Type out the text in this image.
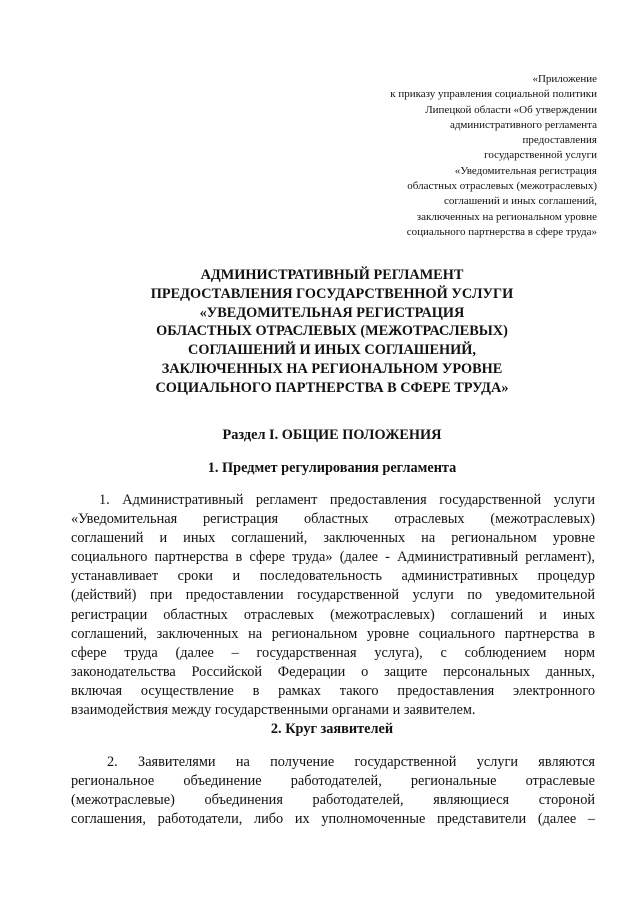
«Приложение
к приказу управления социальной политики
Липецкой области «Об утверждении
административного регламента
предоставления
государственной услуги
«Уведомительная регистрация
областных отраслевых (межотраслевых)
соглашений и иных соглашений,
заключенных на региональном уровне
социального партнерства в сфере труда»
АДМИНИСТРАТИВНЫЙ РЕГЛАМЕНТ
ПРЕДОСТАВЛЕНИЯ ГОСУДАРСТВЕННОЙ УСЛУГИ
«УВЕДОМИТЕЛЬНАЯ РЕГИСТРАЦИЯ
ОБЛАСТНЫХ ОТРАСЛЕВЫХ (МЕЖОТРАСЛЕВЫХ)
СОГЛАШЕНИЙ И ИНЫХ СОГЛАШЕНИЙ,
ЗАКЛЮЧЕННЫХ НА РЕГИОНАЛЬНОМ УРОВНЕ
СОЦИАЛЬНОГО ПАРТНЕРСТВА В СФЕРЕ ТРУДА»
Раздел I. ОБЩИЕ ПОЛОЖЕНИЯ
1. Предмет регулирования регламента
1. Административный регламент предоставления государственной услуги
«Уведомительная регистрация областных отраслевых (межотраслевых)
соглашений и иных соглашений, заключенных на региональном уровне
социального партнерства в сфере труда» (далее - Административный регламент),
устанавливает сроки и последовательность административных процедур
(действий) при предоставлении государственной услуги по уведомительной
регистрации областных отраслевых (межотраслевых) соглашений и иных
соглашений, заключенных на региональном уровне социального партнерства в
сфере труда (далее – государственная услуга), с соблюдением норм
законодательства Российской Федерации о защите персональных данных,
включая осуществление в рамках такого предоставления электронного
взаимодействия между государственными органами и заявителем.
2. Круг заявителей
2. Заявителями на получение государственной услуги являются
региональное объединение работодателей, региональные отраслевые
(межотраслевые) объединения работодателей, являющиеся стороной
соглашения, работодатели, либо их уполномоченные представители (далее –
